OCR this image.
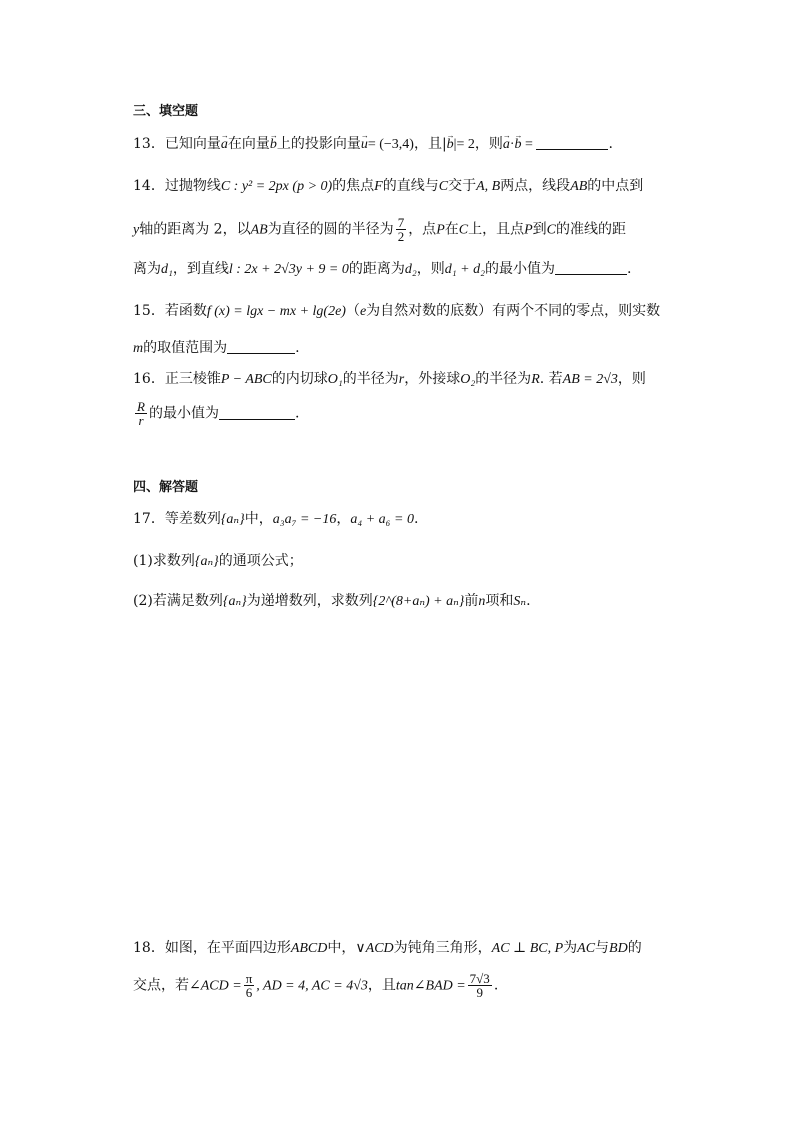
三、填空题
13．已知向量→ a在向量→ b上的投影向量→ u= (−3,4)，且|→ b|= 2，则→ a·→ b =	.
14．过抛物线C : y² = 2px (p > 0)的焦点F的直线与C交于A, B两点，线段AB的中点到
y轴的距离为 2，以AB为直径的圆的半径为 $\frac{7}{2}$ ，点P在C上，且点P到C的准线的距
离为d₁，到直线l : 2x + 2√3y + 9 = 0的距离为d₂，则d₁ + d₂的最小值为	.
15．若函数f (x) = lgx − mx + lg(2e)（e为自然对数的底数）有两个不同的零点，则实数
m的取值范围为	.
16．正三棱锥P − ABC的内切球O₁的半径为r，外接球O₂的半径为R. 若AB = 2√3，则
$\frac{R}{r}$ 的最小值为	.
四、解答题
17．等差数列{aₙ}中，a₃a₇ = −16，a₄ + a₆ = 0.
(1)求数列{aₙ}的通项公式；
(2)若满足数列{aₙ}为递增数列，求数列{2^(8+aₙ) + aₙ}前n项和Sₙ.
18．如图，在平面四边形ABCD中，∨ACD为钝角三角形，AC ⊥ BC, P为AC与BD的
交点，若∠ACD = $\frac{\pi}{6}$ , AD = 4, AC = 4√3，且tan∠BAD = $\frac{7√3}{9}$ .
